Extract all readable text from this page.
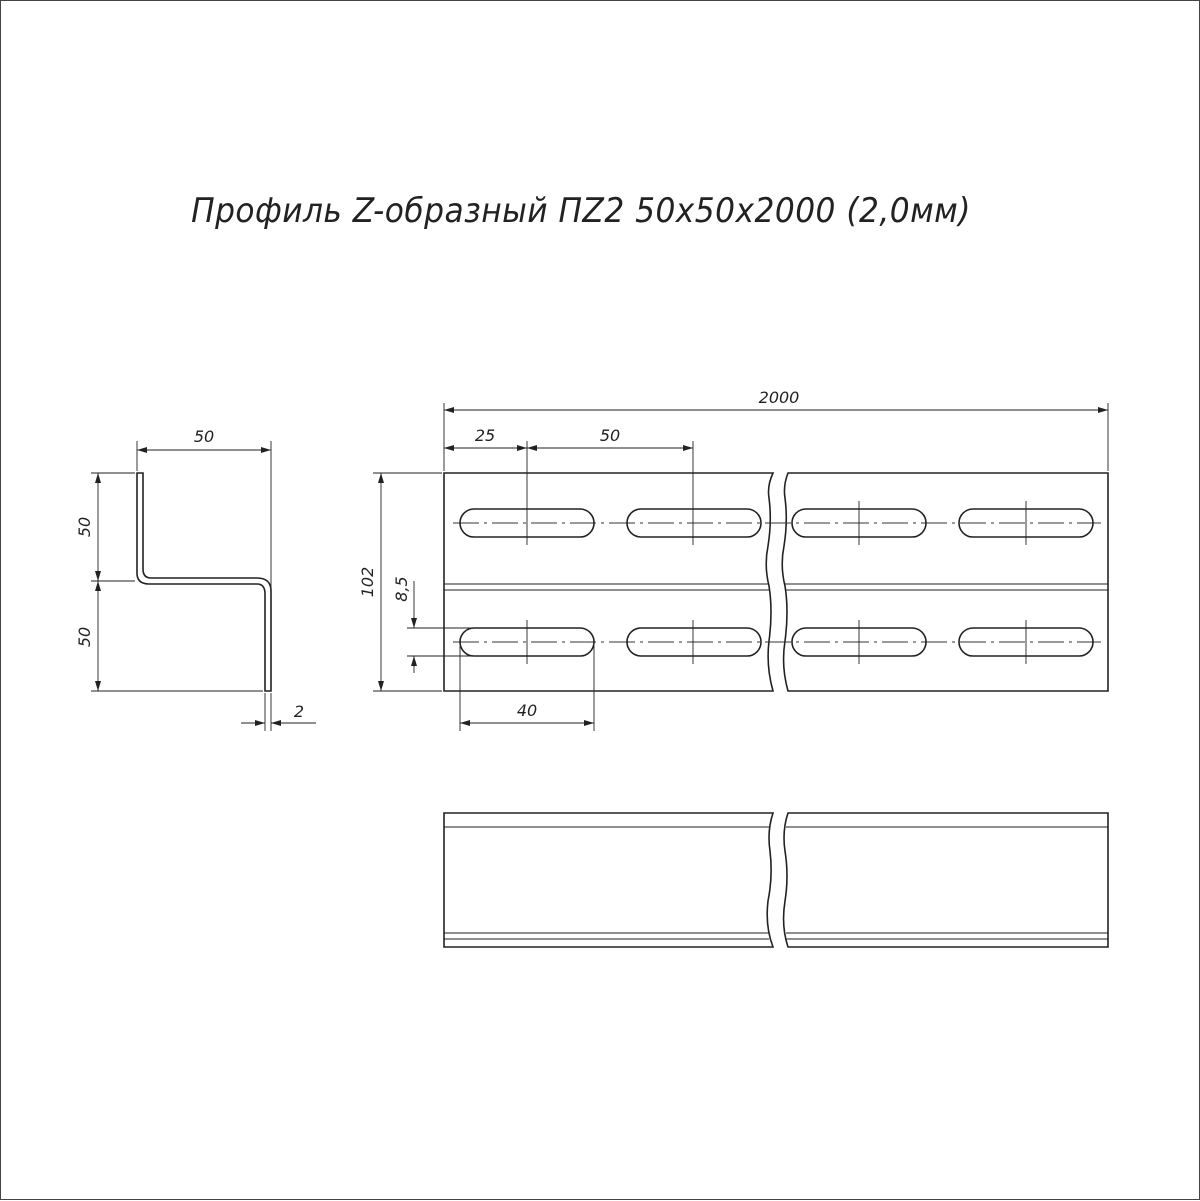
Профиль Z-образный ПZ2 50х50х2000 (2,0мм)
50
50
50
2
2000
25	50
102 8,5
40
